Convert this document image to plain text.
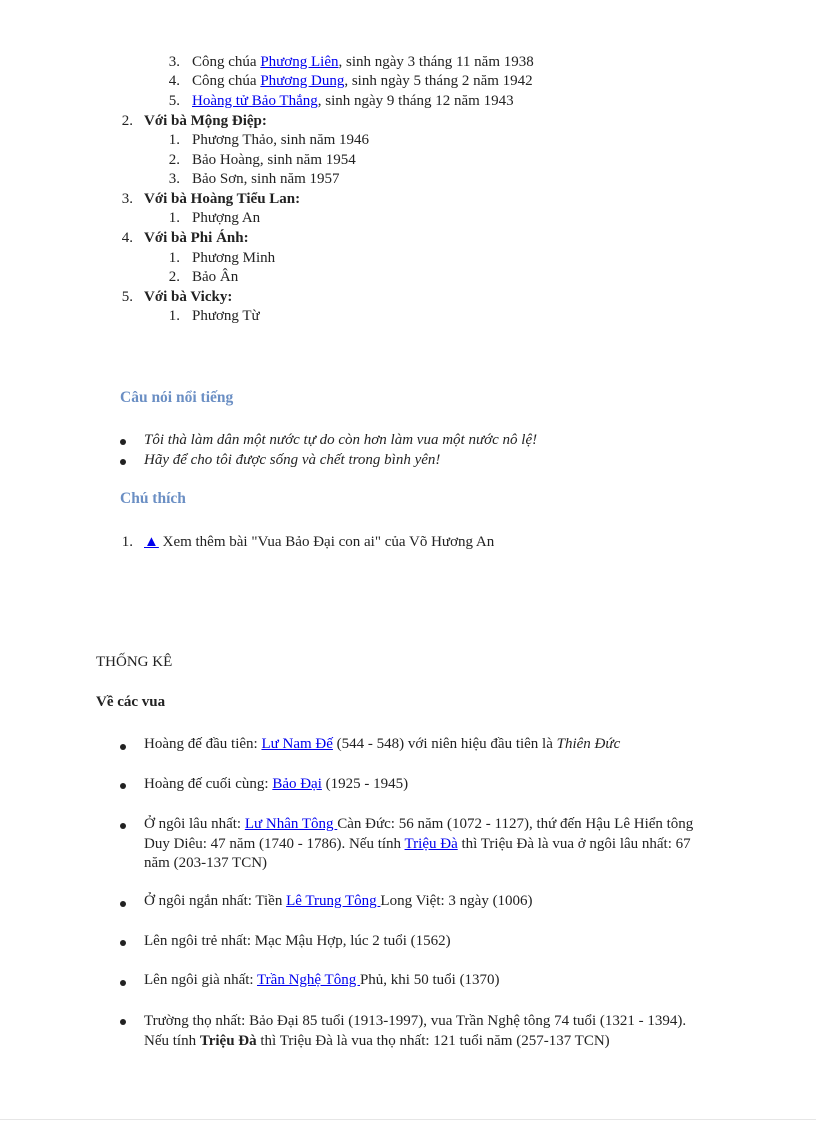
3. Công chúa Phương Liên, sinh ngày 3 tháng 11 năm 1938
4. Công chúa Phương Dung, sinh ngày 5 tháng 2 năm 1942
5. Hoàng tử Bảo Thắng, sinh ngày 9 tháng 12 năm 1943
2. Với bà Mộng Điệp:
1. Phương Thảo, sinh năm 1946
2. Bảo Hoàng, sinh năm 1954
3. Bảo Sơn, sinh năm 1957
3. Với bà Hoàng Tiểu Lan:
1. Phượng An
4. Với bà Phi Ánh:
1. Phương Minh
2. Bảo Ân
5. Với bà Vicky:
1. Phương Từ
Câu nói nổi tiếng
Tôi thà làm dân một nước tự do còn hơn làm vua một nước nô lệ!
Hãy để cho tôi được sống và chết trong bình yên!
Chú thích
1. ▲ Xem thêm bài "Vua Bảo Đại con ai" của Võ Hương An
THỐNG KÊ
Về các vua
Hoàng đế đầu tiên: Lư Nam Đế (544 - 548) với niên hiệu đầu tiên là Thiên Đức
Hoàng đế cuối cùng: Bảo Đại (1925 - 1945)
Ở ngôi lâu nhất: Lư Nhân Tông Càn Đức: 56 năm (1072 - 1127), thứ đến Hậu Lê Hiển tông Duy Diêu: 47 năm (1740 - 1786). Nếu tính Triệu Đà thì Triệu Đà là vua ở ngôi lâu nhất: 67 năm (203-137 TCN)
Ở ngôi ngắn nhất: Tiền Lê Trung Tông Long Việt: 3 ngày (1006)
Lên ngôi trẻ nhất: Mạc Mậu Hợp, lúc 2 tuổi (1562)
Lên ngôi già nhất: Trần Nghệ Tông Phủ, khi 50 tuổi (1370)
Trường thọ nhất: Bảo Đại 85 tuổi (1913-1997), vua Trần Nghệ tông 74 tuổi (1321 - 1394). Nếu tính Triệu Đà thì Triệu Đà là vua thọ nhất: 121 tuổi năm (257-137 TCN)
